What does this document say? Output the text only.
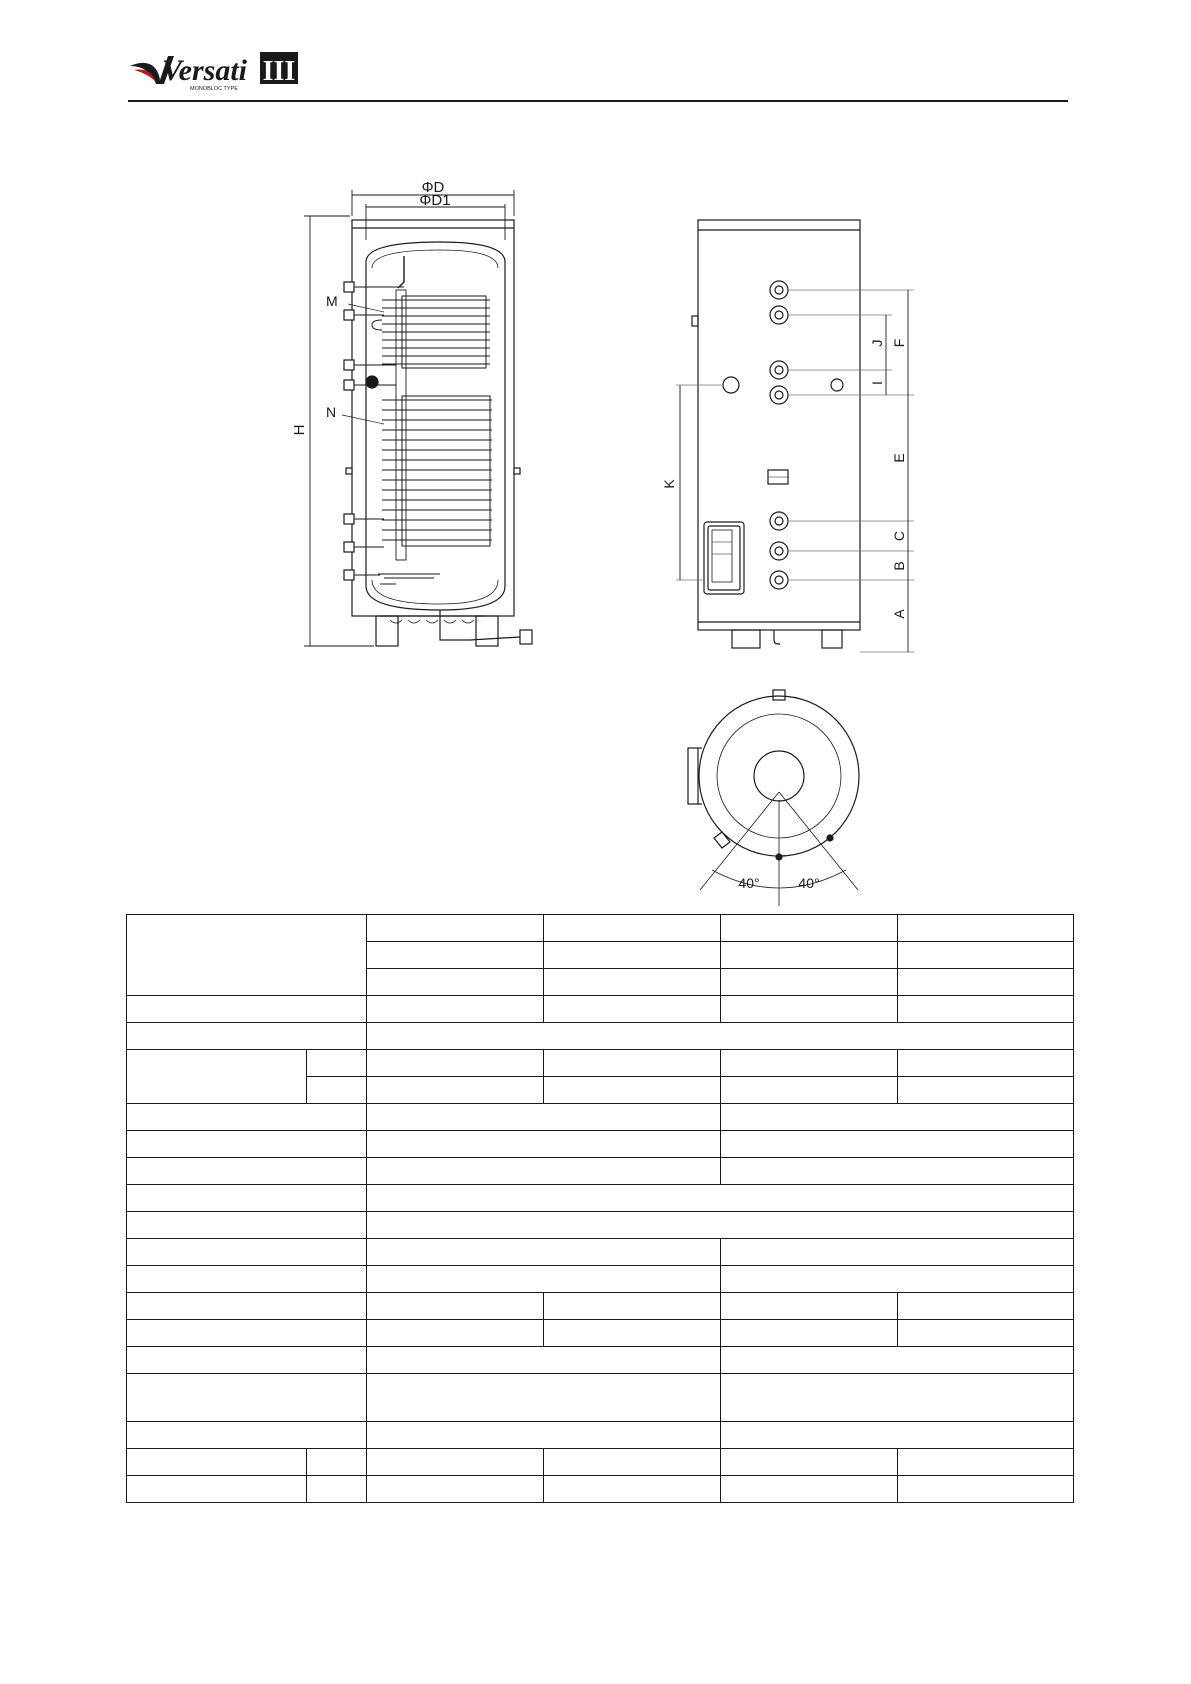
Versati III
MONOBLOC TYPE
ΦD
ΦD1
H
M
N
A
B
C
E
F
J
I
K
40°	40°
